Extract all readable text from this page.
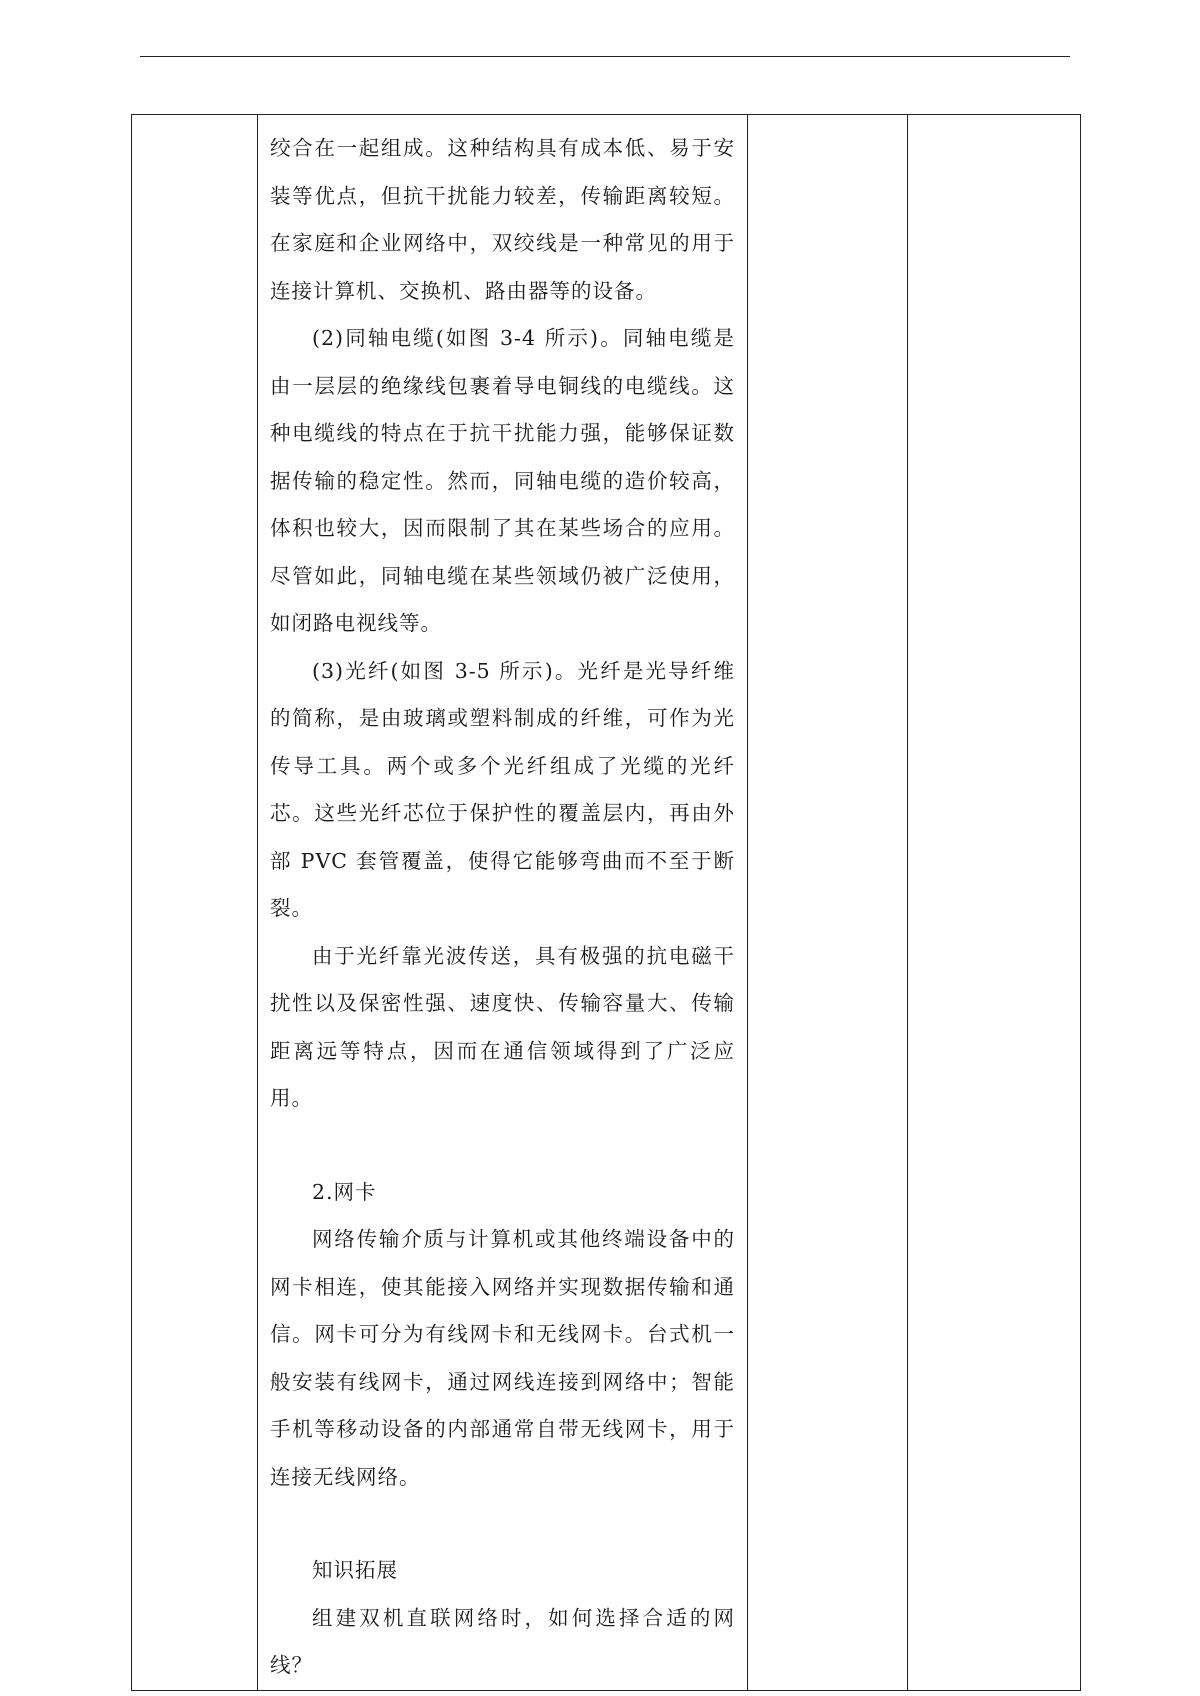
绞合在一起组成。这种结构具有成本低、易于安装等优点，但抗干扰能力较差，传输距离较短。在家庭和企业网络中，双绞线是一种常见的用于连接计算机、交换机、路由器等的设备。

(2)同轴电缆(如图 3-4 所示)。同轴电缆是由一层层的绝缘线包裹着导电铜线的电缆线。这种电缆线的特点在于抗干扰能力强，能够保证数据传输的稳定性。然而，同轴电缆的造价较高，体积也较大，因而限制了其在某些场合的应用。尽管如此，同轴电缆在某些领域仍被广泛使用，如闭路电视线等。

(3)光纤(如图 3-5 所示)。光纤是光导纤维的简称，是由玻璃或塑料制成的纤维，可作为光传导工具。两个或多个光纤组成了光缆的光纤芯。这些光纤芯位于保护性的覆盖层内，再由外部 PVC 套管覆盖，使得它能够弯曲而不至于断裂。

由于光纤靠光波传送，具有极强的抗电磁干扰性以及保密性强、速度快、传输容量大、传输距离远等特点，因而在通信领域得到了广泛应用。

2.网卡

网络传输介质与计算机或其他终端设备中的网卡相连，使其能接入网络并实现数据传输和通信。网卡可分为有线网卡和无线网卡。台式机一般安装有线网卡，通过网线连接到网络中；智能手机等移动设备的内部通常自带无线网卡，用于连接无线网络。

知识拓展

组建双机直联网络时，如何选择合适的网线？
